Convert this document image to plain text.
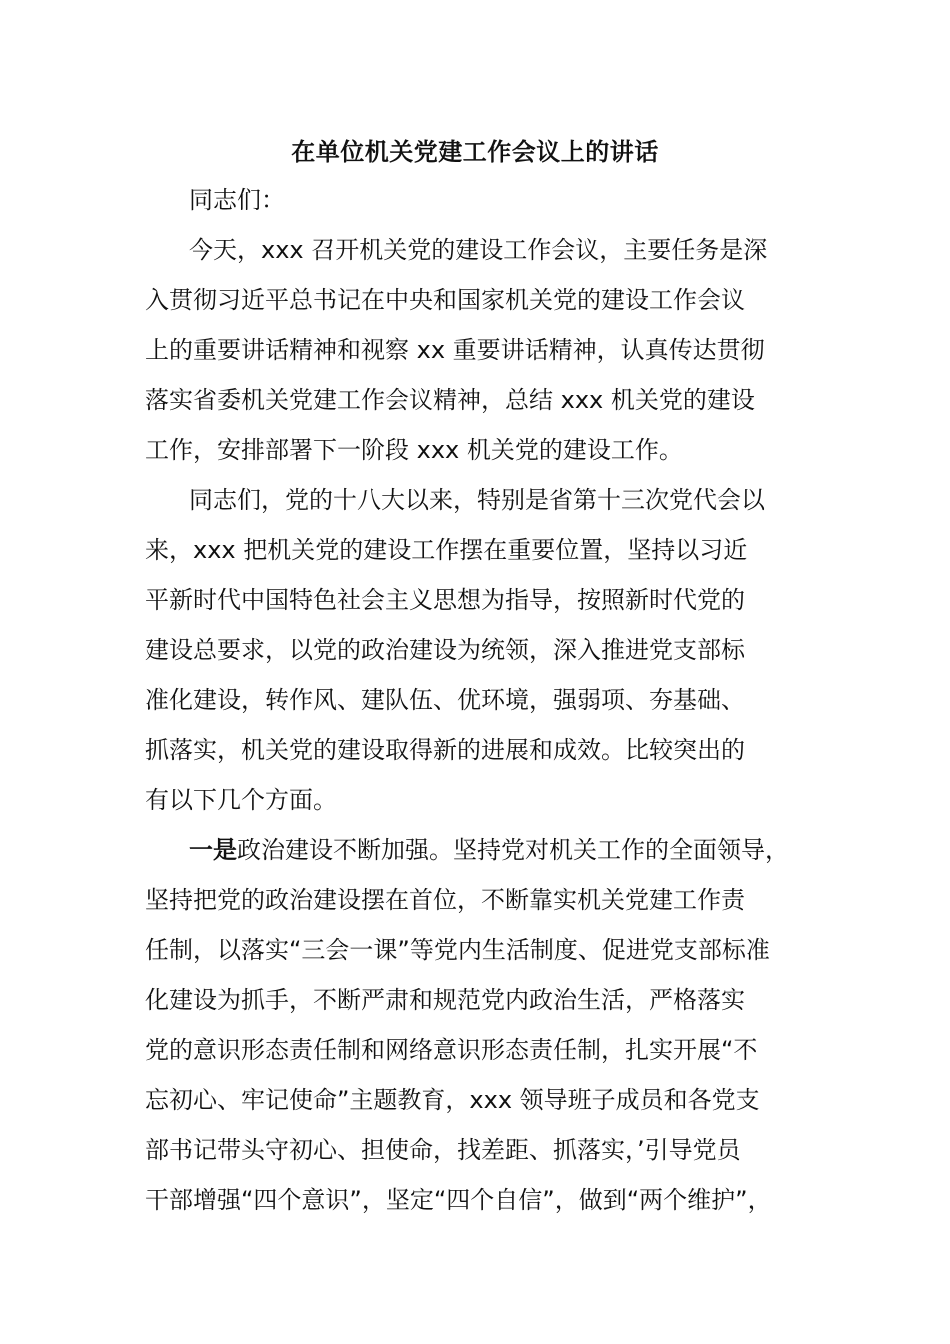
在单位机关党建工作会议上的讲话
同志们：
今天，xxx 召开机关党的建设工作会议，主要任务是深
入贯彻习近平总书记在中央和国家机关党的建设工作会议
上的重要讲话精神和视察 xx 重要讲话精神，认真传达贯彻
落实省委机关党建工作会议精神，总结 xxx 机关党的建设
工作，安排部署下一阶段 xxx 机关党的建设工作。
同志们，党的十八大以来，特别是省第十三次党代会以
来，xxx 把机关党的建设工作摆在重要位置，坚持以习近
平新时代中国特色社会主义思想为指导，按照新时代党的
建设总要求，以党的政治建设为统领，深入推进党支部标
准化建设，转作风、建队伍、优环境，强弱项、夯基础、
抓落实，机关党的建设取得新的进展和成效。比较突出的
有以下几个方面。
一是政治建设不断加强。坚持党对机关工作的全面领导，
坚持把党的政治建设摆在首位，不断靠实机关党建工作责
任制，以落实“三会一课”等党内生活制度、促进党支部标准
化建设为抓手，不断严肃和规范党内政治生活，严格落实
党的意识形态责任制和网络意识形态责任制，扎实开展“不
忘初心、牢记使命”主题教育，xxx 领导班子成员和各党支
部书记带头守初心、担使命，找差距、抓落实，’引导党员
干部增强“四个意识”，坚定“四个自信”，做到“两个维护”，
